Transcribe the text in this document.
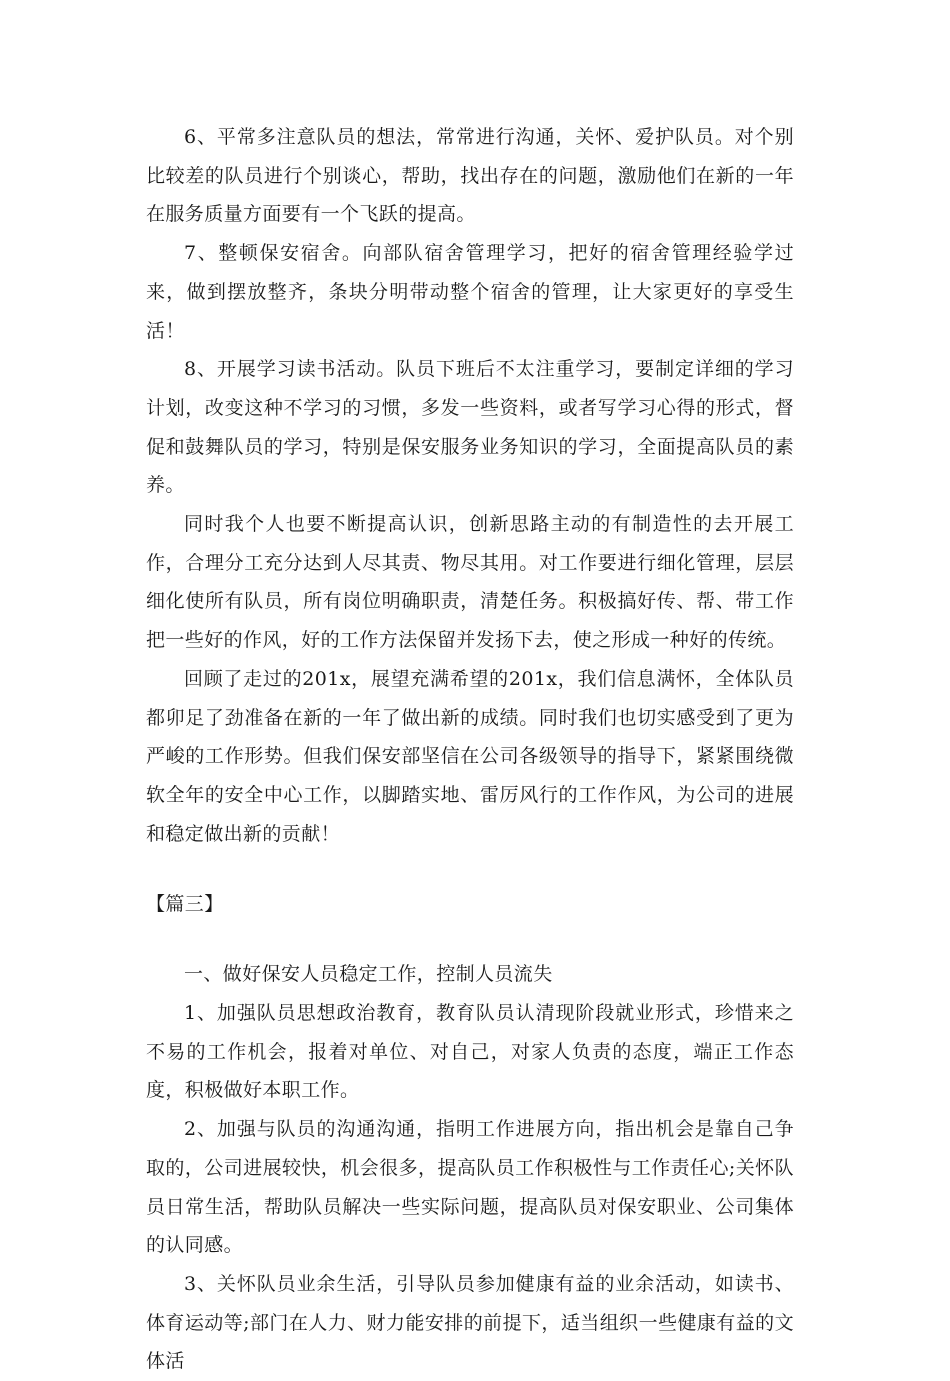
6、平常多注意队员的想法，常常进行沟通，关怀、爱护队员。对个别比较差的队员进行个别谈心，帮助，找出存在的问题，激励他们在新的一年在服务质量方面要有一个飞跃的提高。

7、整顿保安宿舍。向部队宿舍管理学习，把好的宿舍管理经验学过来，做到摆放整齐，条块分明带动整个宿舍的管理，让大家更好的享受生活！

8、开展学习读书活动。队员下班后不太注重学习，要制定详细的学习计划，改变这种不学习的习惯，多发一些资料，或者写学习心得的形式，督促和鼓舞队员的学习，特别是保安服务业务知识的学习，全面提高队员的素养。

同时我个人也要不断提高认识，创新思路主动的有制造性的去开展工作，合理分工充分达到人尽其责、物尽其用。对工作要进行细化管理，层层细化使所有队员，所有岗位明确职责，清楚任务。积极搞好传、帮、带工作把一些好的作风，好的工作方法保留并发扬下去，使之形成一种好的传统。

回顾了走过的201x，展望充满希望的201x，我们信息满怀，全体队员都卯足了劲准备在新的一年了做出新的成绩。同时我们也切实感受到了更为严峻的工作形势。但我们保安部坚信在公司各级领导的指导下，紧紧围绕微软全年的安全中心工作，以脚踏实地、雷厉风行的工作作风，为公司的进展和稳定做出新的贡献！

【篇三】

一、做好保安人员稳定工作，控制人员流失

1、加强队员思想政治教育，教育队员认清现阶段就业形式，珍惜来之不易的工作机会，报着对单位、对自己，对家人负责的态度，端正工作态度，积极做好本职工作。

2、加强与队员的沟通沟通，指明工作进展方向，指出机会是靠自己争取的，公司进展较快，机会很多，提高队员工作积极性与工作责任心;关怀队员日常生活，帮助队员解决一些实际问题，提高队员对保安职业、公司集体的认同感。

3、关怀队员业余生活，引导队员参加健康有益的业余活动，如读书、体育运动等;部门在人力、财力能安排的前提下，适当组织一些健康有益的文体活
